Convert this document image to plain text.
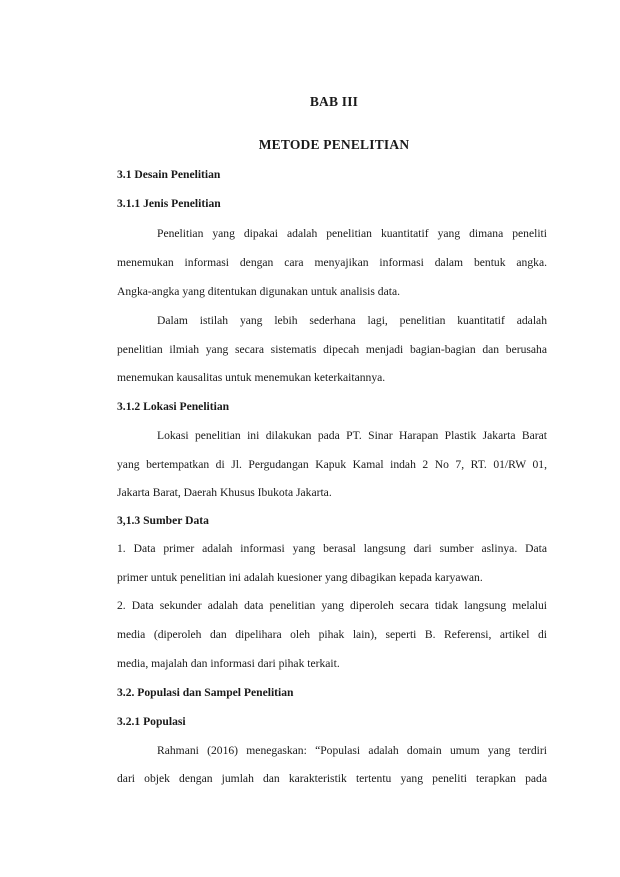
BAB III
METODE PENELITIAN
3.1 Desain Penelitian
3.1.1 Jenis Penelitian
Penelitian yang dipakai adalah penelitian kuantitatif yang dimana peneliti
menemukan informasi dengan cara menyajikan informasi dalam bentuk angka.
Angka-angka yang ditentukan digunakan untuk analisis data.
Dalam istilah yang lebih sederhana lagi, penelitian kuantitatif adalah
penelitian ilmiah yang secara sistematis dipecah menjadi bagian-bagian dan berusaha
menemukan kausalitas untuk menemukan keterkaitannya.
3.1.2 Lokasi Penelitian
Lokasi penelitian ini dilakukan pada PT. Sinar Harapan Plastik Jakarta Barat
yang bertempatkan di Jl. Pergudangan Kapuk Kamal indah 2 No 7, RT. 01/RW 01,
Jakarta Barat, Daerah Khusus Ibukota Jakarta.
3,1.3 Sumber Data
1. Data primer adalah informasi yang berasal langsung dari sumber aslinya. Data
primer untuk penelitian ini adalah kuesioner yang dibagikan kepada karyawan.
2. Data sekunder adalah data penelitian yang diperoleh secara tidak langsung melalui
media (diperoleh dan dipelihara oleh pihak lain), seperti B. Referensi, artikel di
media, majalah dan informasi dari pihak terkait.
3.2. Populasi dan Sampel Penelitian
3.2.1 Populasi
Rahmani (2016) menegaskan: “Populasi adalah domain umum yang terdiri
dari objek dengan jumlah dan karakteristik tertentu yang peneliti terapkan pada
